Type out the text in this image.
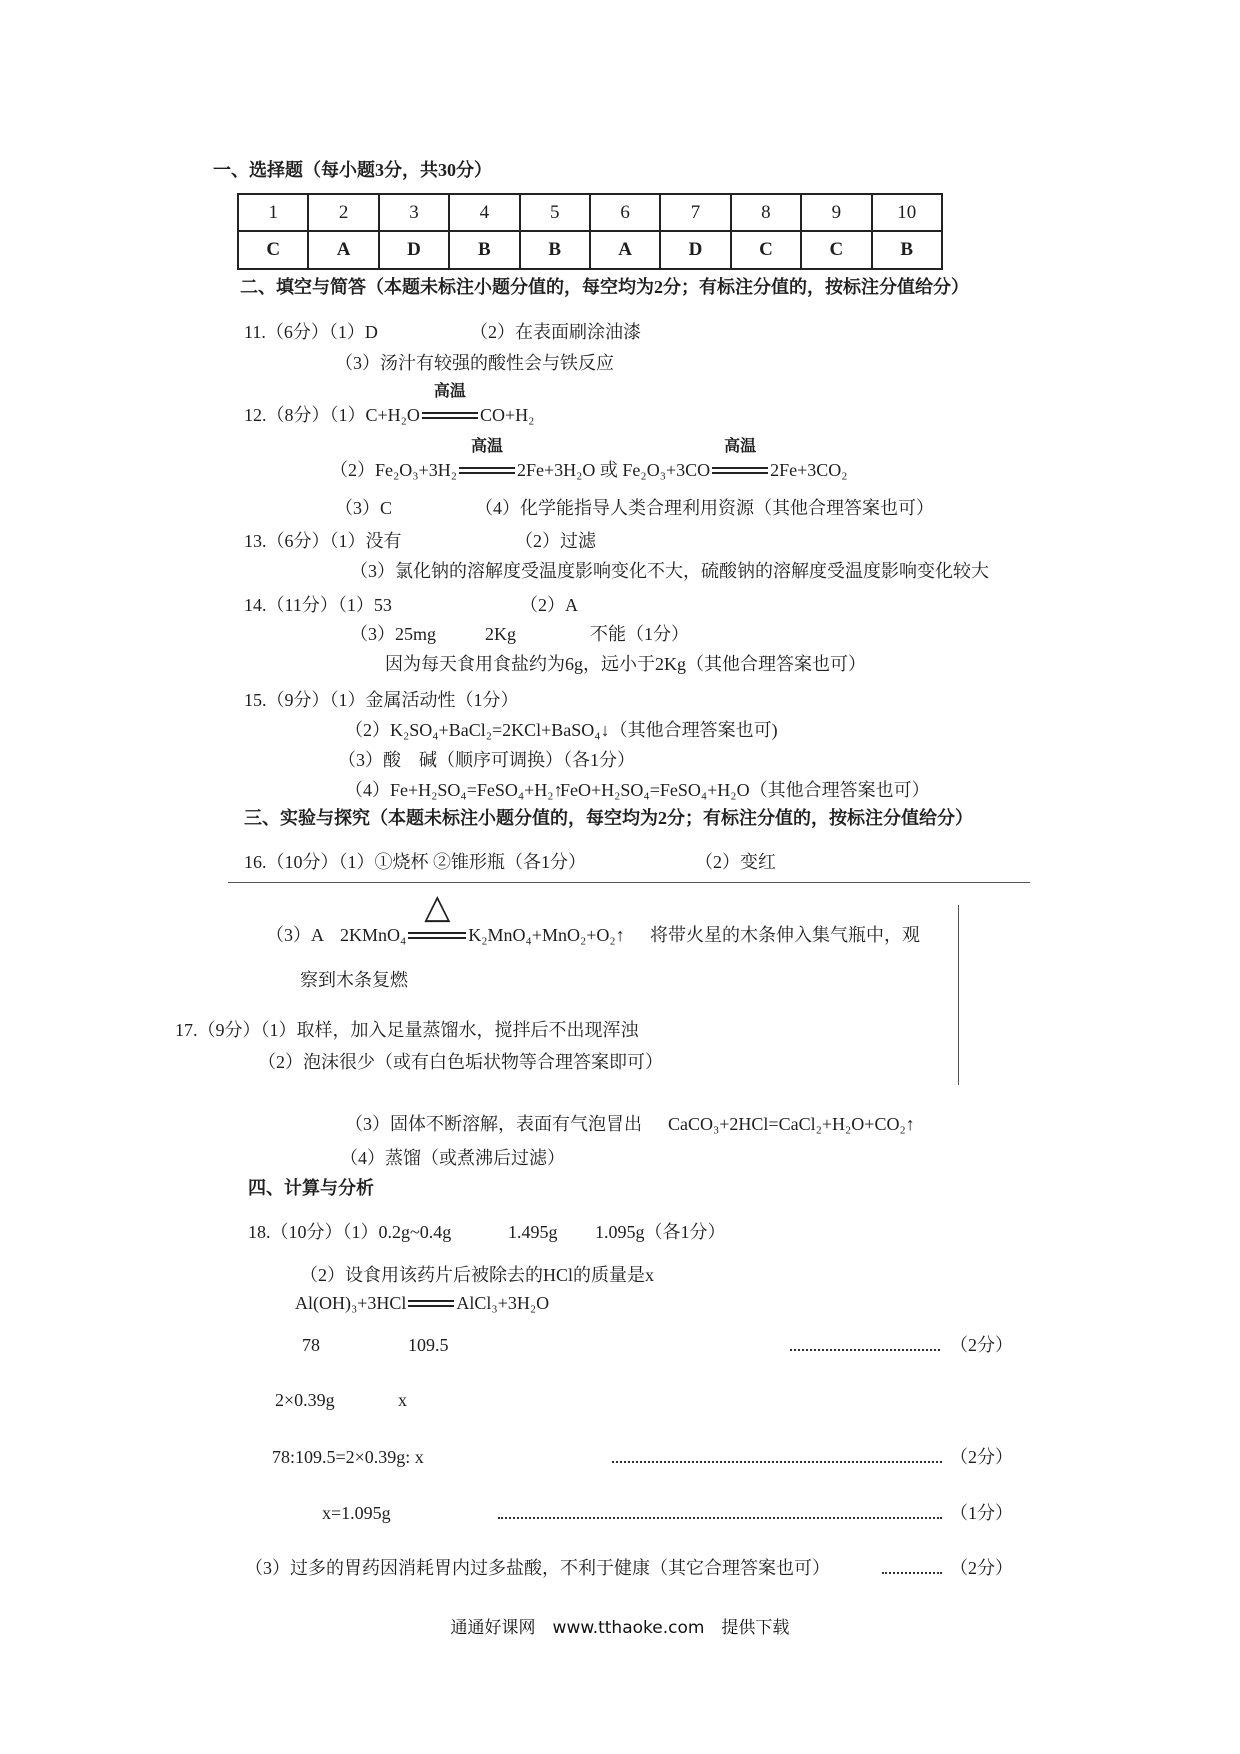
一、选择题（每小题3分，共30分）
1	2	3	4	5	6	7	8	9	10
C	A	D	B	B	A	D	C	C	B
二、填空与简答（本题未标注小题分值的，每空均为2分；有标注分值的，按标注分值给分）
11.（6分）（1）D	（2）在表面刷涂油漆
（3）汤汁有较强的酸性会与铁反应
12.（8分）（1）C+H₂O
高温
CO+H₂
（2）Fe₂O₃+3H₂
高温
2Fe+3H₂O 或 Fe₂O₃+3CO
高温
2Fe+3CO₂
（3）C	（4）化学能指导人类合理利用资源（其他合理答案也可）
13.（6分）（1）没有	（2）过滤
（3）氯化钠的溶解度受温度影响变化不大，硫酸钠的溶解度受温度影响变化较大
14.（11分）（1）53	（2）A
（3）25mg	2Kg	不能（1分）
因为每天食用食盐约为6g，远小于2Kg（其他合理答案也可）
15.（9分）（1）金属活动性（1分）
（2）K₂SO₄+BaCl₂=2KCl+BaSO₄↓（其他合理答案也可)
（3）酸　碱（顺序可调换）（各1分）
（4）Fe+H₂SO₄=FeSO₄+H₂↑
FeO+H₂SO₄=FeSO₄+H₂O（其他合理答案也可）
三、实验与探究（本题未标注小题分值的，每空均为2分；有标注分值的，按标注分值给分）
16.（10分）（1）①烧杯 ②锥形瓶（各1分）	（2）变红
（3）A 2KMnO₄
△
K₂MnO₄+MnO₂+O₂↑ 将带火星的木条伸入集气瓶中，观
察到木条复燃
17.（9分）（1）取样，加入足量蒸馏水，搅拌后不出现浑浊
（2）泡沫很少（或有白色垢状物等合理答案即可）
（3）固体不断溶解，表面有气泡冒出 CaCO₃+2HCl=CaCl₂+H₂O+CO₂↑
（4）蒸馏（或煮沸后过滤）
四、计算与分析
18.（10分）（1）0.2g~0.4g	1.495g 1.095g（各1分）
（2）设食用该药片后被除去的HCl的质量是x
Al(OH)₃+3HCl	AlCl₃+3H₂O
78	109.5	（2分）
2×0.39g	x
78:109.5=2×0.39g: x	（2分）
x=1.095g	（1分）
（3）过多的胃药因消耗胃内过多盐酸，不利于健康（其它合理答案也可）	（2分）
通通好课网　www.tthaoke.com　提供下载
